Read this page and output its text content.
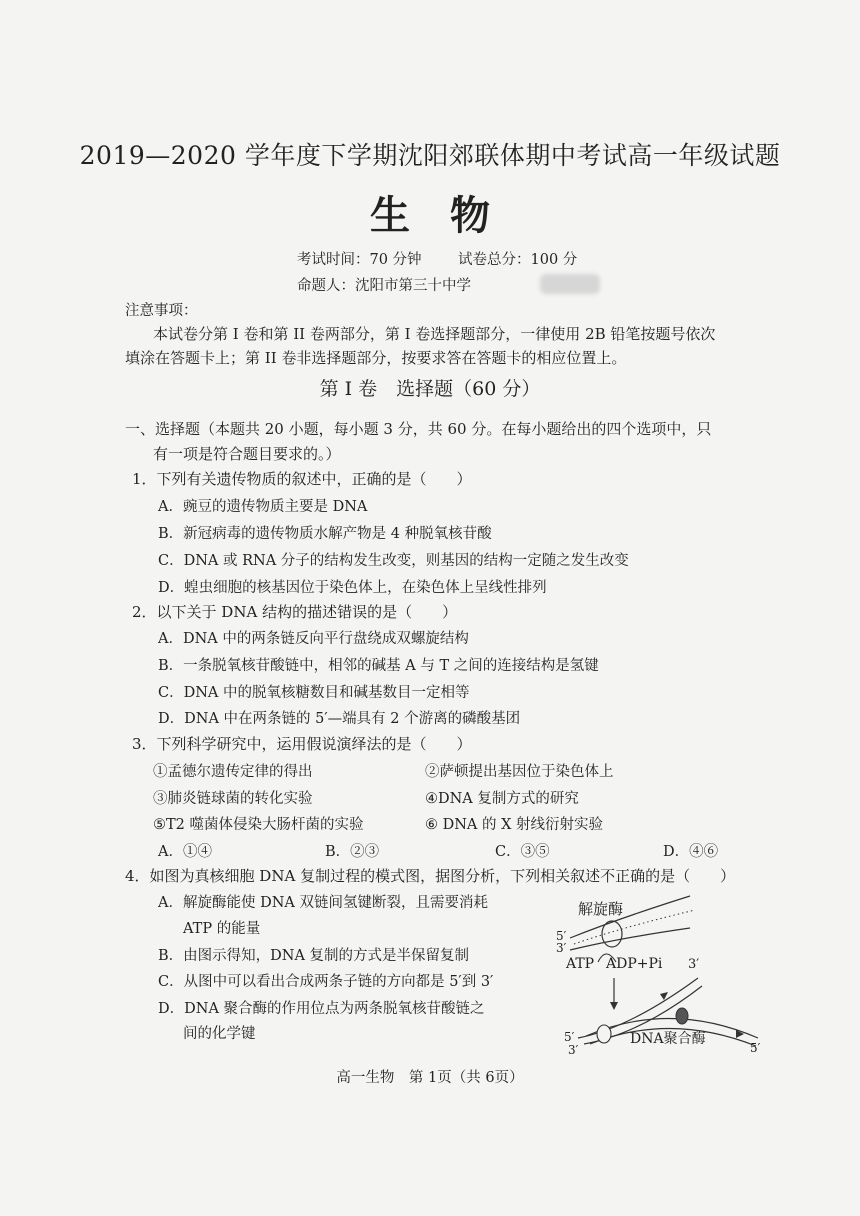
2019—2020 学年度下学期沈阳郊联体期中考试高一年级试题
生物
考试时间：70 分钟	试卷总分：100 分
命题人：沈阳市第三十中学
注意事项：
本试卷分第 I 卷和第 II 卷两部分，第 I 卷选择题部分，一律使用 2B 铅笔按题号依次
填涂在答题卡上；第 II 卷非选择题部分，按要求答在答题卡的相应位置上。
第 I 卷　选择题（60 分）
一、选择题（本题共 20 小题，每小题 3 分，共 60 分。在每小题给出的四个选项中，只
有一项是符合题目要求的。）
1．下列有关遗传物质的叙述中，正确的是（　　）
A．豌豆的遗传物质主要是 DNA
B．新冠病毒的遗传物质水解产物是 4 种脱氧核苷酸
C．DNA 或 RNA 分子的结构发生改变，则基因的结构一定随之发生改变
D．蝗虫细胞的核基因位于染色体上，在染色体上呈线性排列
2．以下关于 DNA 结构的描述错误的是（　　）
A．DNA 中的两条链反向平行盘绕成双螺旋结构
B．一条脱氧核苷酸链中，相邻的碱基 A 与 T 之间的连接结构是氢键
C．DNA 中的脱氧核糖数目和碱基数目一定相等
D．DNA 中在两条链的 5′—端具有 2 个游离的磷酸基团
3．下列科学研究中，运用假说演绎法的是（　　）
①孟德尔遗传定律的得出	②萨顿提出基因位于染色体上
③肺炎链球菌的转化实验	④DNA 复制方式的研究
⑤T2 噬菌体侵染大肠杆菌的实验	⑥ DNA 的 X 射线衍射实验
A．①④	B．②③	C．③⑤	D．④⑥
4．如图为真核细胞 DNA 复制过程的模式图，据图分析，下列相关叙述不正确的是（　　）
A．解旋酶能使 DNA 双链间氢键断裂，且需要消耗
ATP 的能量
B．由图示得知，DNA 复制的方式是半保留复制
C．从图中可以看出合成两条子链的方向都是 5′到 3′
D．DNA 聚合酶的作用位点为两条脱氧核苷酸链之
间的化学键
解旋酶
5′
3′
ATP ADP+Pi 3′
DNA聚合酶
5′
3′	5′
高一生物　第 1页（共 6页）
